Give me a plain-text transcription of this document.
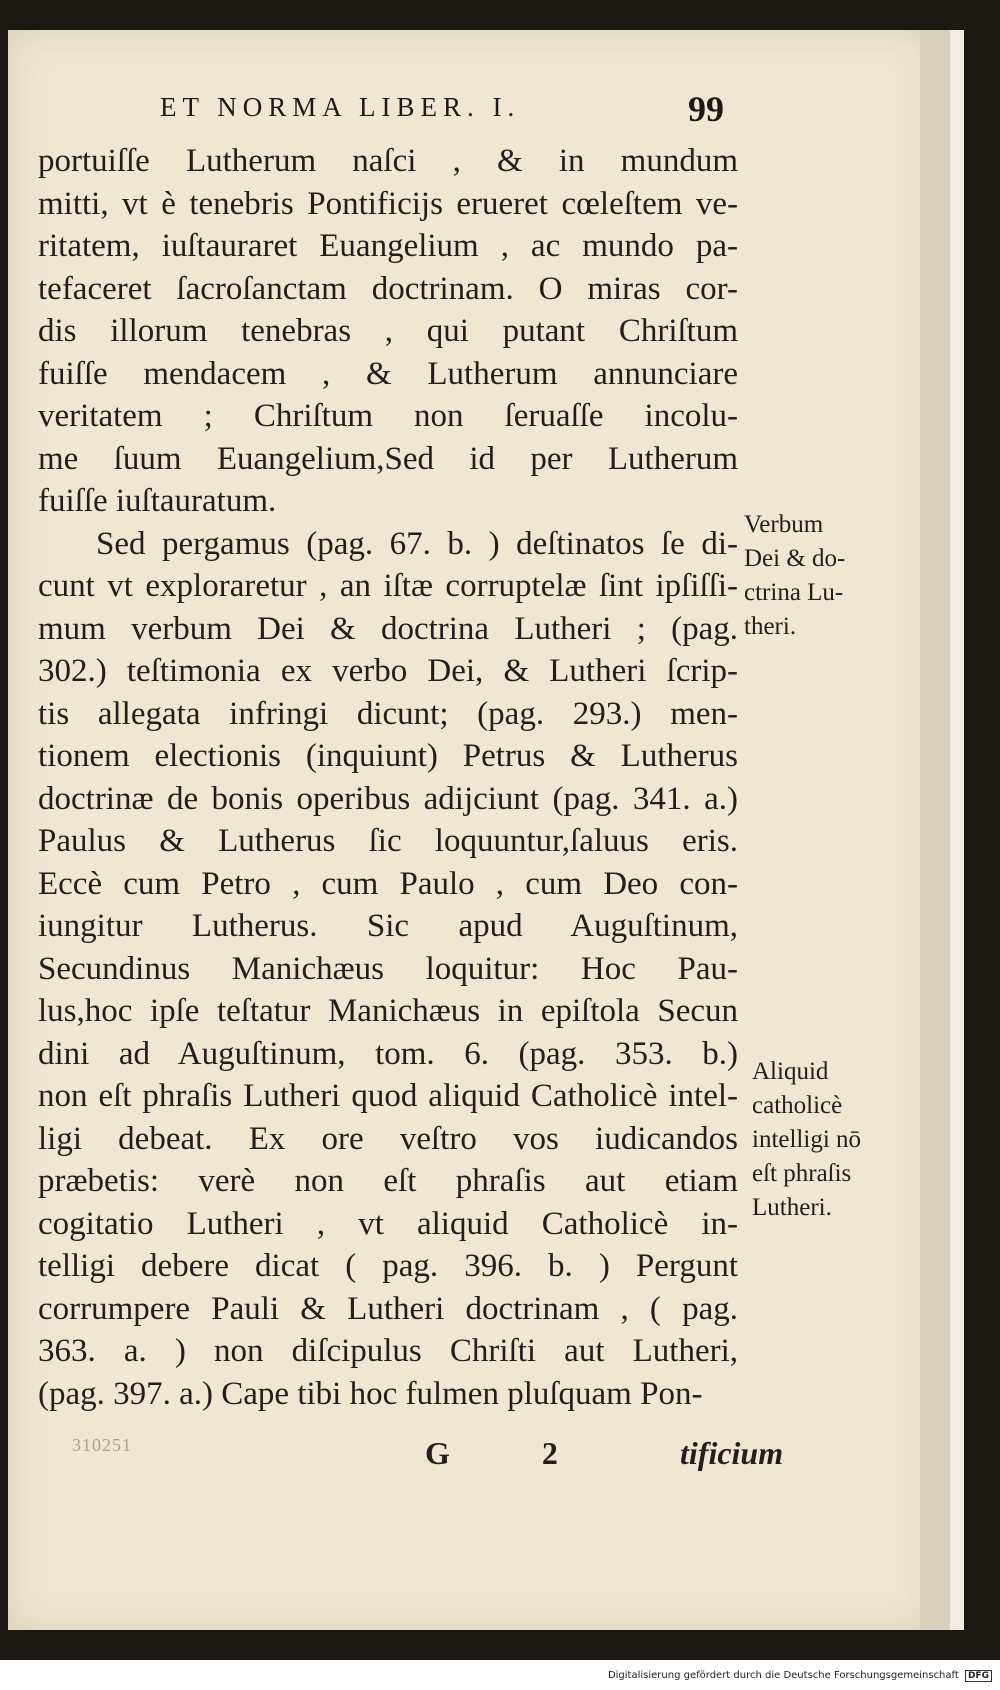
ET NORMA LIBER. I.	99
portuiſſe Lutherum naſci , & in mundum
mitti, vt è tenebris Pontificijs erueret cœleſtem ve-
ritatem, iuſtauraret Euangelium , ac mundo pa-
tefaceret ſacroſanctam doctrinam. O miras cor-
dis illorum tenebras , qui putant Chriſtum
fuiſſe mendacem , & Lutherum annunciare
veritatem ; Chriſtum non ſeruaſſe incolu-
me ſuum Euangelium,Sed id per Lutherum
fuiſſe iuſtauratum.
Sed pergamus (pag. 67. b. ) deſtinatos ſe di-
cunt vt exploraretur , an iſtæ corruptelæ ſint ipſiſſi-
mum verbum Dei & doctrina Lutheri ; (pag.
302.) teſtimonia ex verbo Dei, & Lutheri ſcrip-
tis allegata infringi dicunt; (pag. 293.) men-
tionem electionis (inquiunt) Petrus & Lutherus
doctrinæ de bonis operibus adijciunt (pag. 341. a.)
Paulus & Lutherus ſic loquuntur,ſaluus eris.
Eccè cum Petro , cum Paulo , cum Deo con-
iungitur Lutherus. Sic apud Auguſtinum,
Secundinus Manichæus loquitur: Hoc Pau-
lus,hoc ipſe teſtatur Manichæus in epiſtola Secun
dini ad Auguſtinum, tom. 6. (pag. 353. b.)
non eſt phraſis Lutheri quod aliquid Catholicè intel-
ligi debeat. Ex ore veſtro vos iudicandos
præbetis: verè non eſt phraſis aut etiam
cogitatio Lutheri , vt aliquid Catholicè in-
telligi debere dicat ( pag. 396. b. ) Pergunt
corrumpere Pauli & Lutheri doctrinam , ( pag.
363. a. ) non diſcipulus Chriſti aut Lutheri,
(pag. 397. a.) Cape tibi hoc fulmen pluſquam Pon-
Verbum
Dei & do-
ctrina Lu-
theri.
Aliquid
catholicè
intelligi nō
eſt phraſis
Lutheri.
310251	G 2	tificium
Digitalisierung gefördert durch die Deutsche Forschungsgemeinschaft DFG
